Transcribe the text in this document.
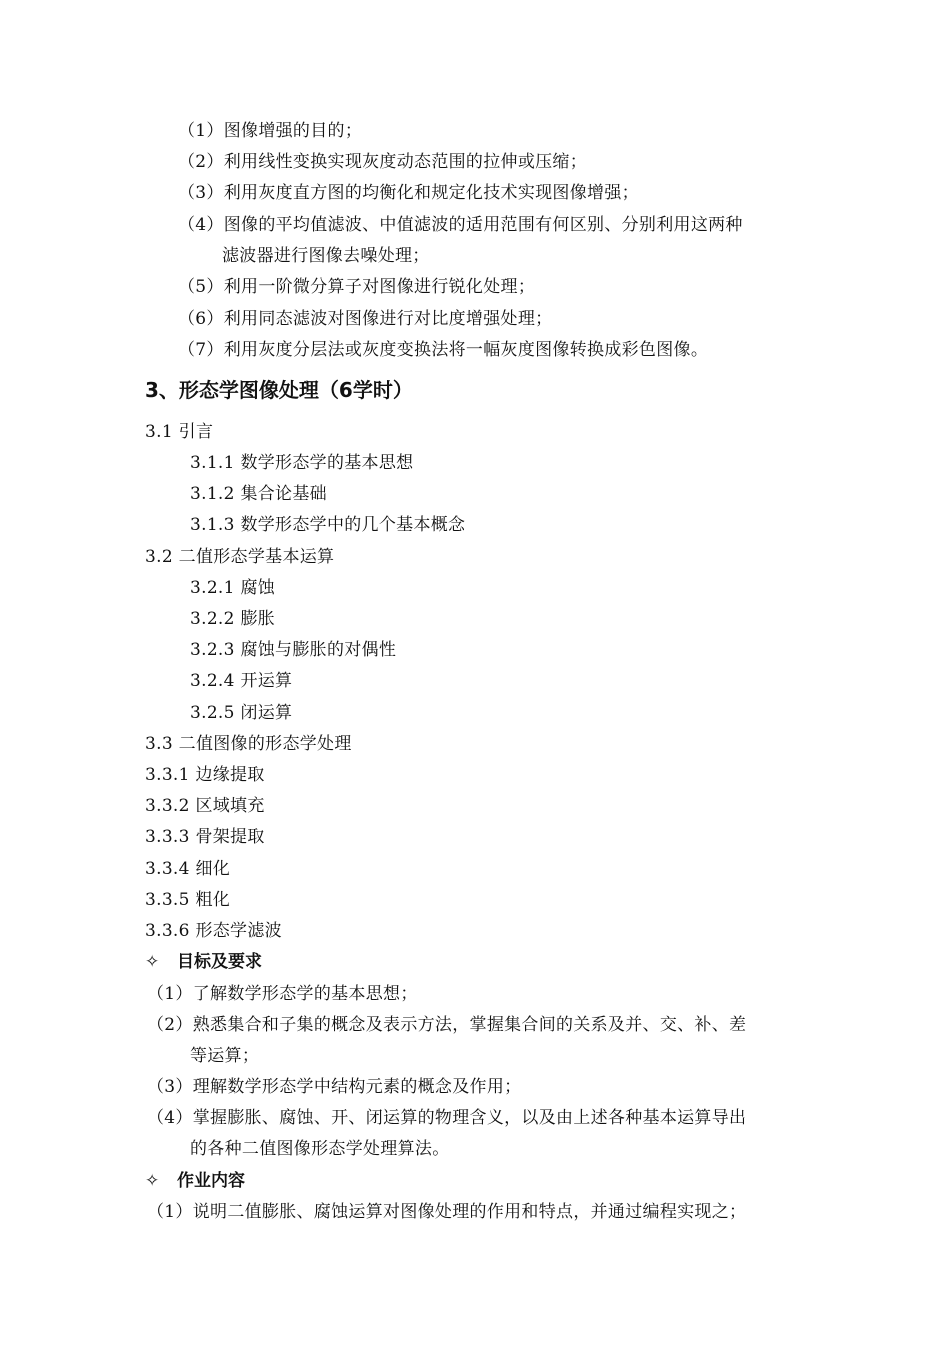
（1）图像增强的目的；
（2）利用线性变换实现灰度动态范围的拉伸或压缩；
（3）利用灰度直方图的均衡化和规定化技术实现图像增强；
（4）图像的平均值滤波、中值滤波的适用范围有何区别、分别利用这两种
滤波器进行图像去噪处理；
（5）利用一阶微分算子对图像进行锐化处理；
（6）利用同态滤波对图像进行对比度增强处理；
（7）利用灰度分层法或灰度变换法将一幅灰度图像转换成彩色图像。
3、形态学图像处理（6学时）
3.1 引言
3.1.1 数学形态学的基本思想
3.1.2 集合论基础
3.1.3 数学形态学中的几个基本概念
3.2 二值形态学基本运算
3.2.1 腐蚀
3.2.2 膨胀
3.2.3 腐蚀与膨胀的对偶性
3.2.4 开运算
3.2.5 闭运算
3.3 二值图像的形态学处理
3.3.1 边缘提取
3.3.2 区域填充
3.3.3 骨架提取
3.3.4 细化
3.3.5 粗化
3.3.6 形态学滤波
✧ 目标及要求
（1）了解数学形态学的基本思想；
（2）熟悉集合和子集的概念及表示方法，掌握集合间的关系及并、交、补、差
等运算；
（3）理解数学形态学中结构元素的概念及作用；
（4）掌握膨胀、腐蚀、开、闭运算的物理含义，以及由上述各种基本运算导出
的各种二值图像形态学处理算法。
✧ 作业内容
（1）说明二值膨胀、腐蚀运算对图像处理的作用和特点，并通过编程实现之；
